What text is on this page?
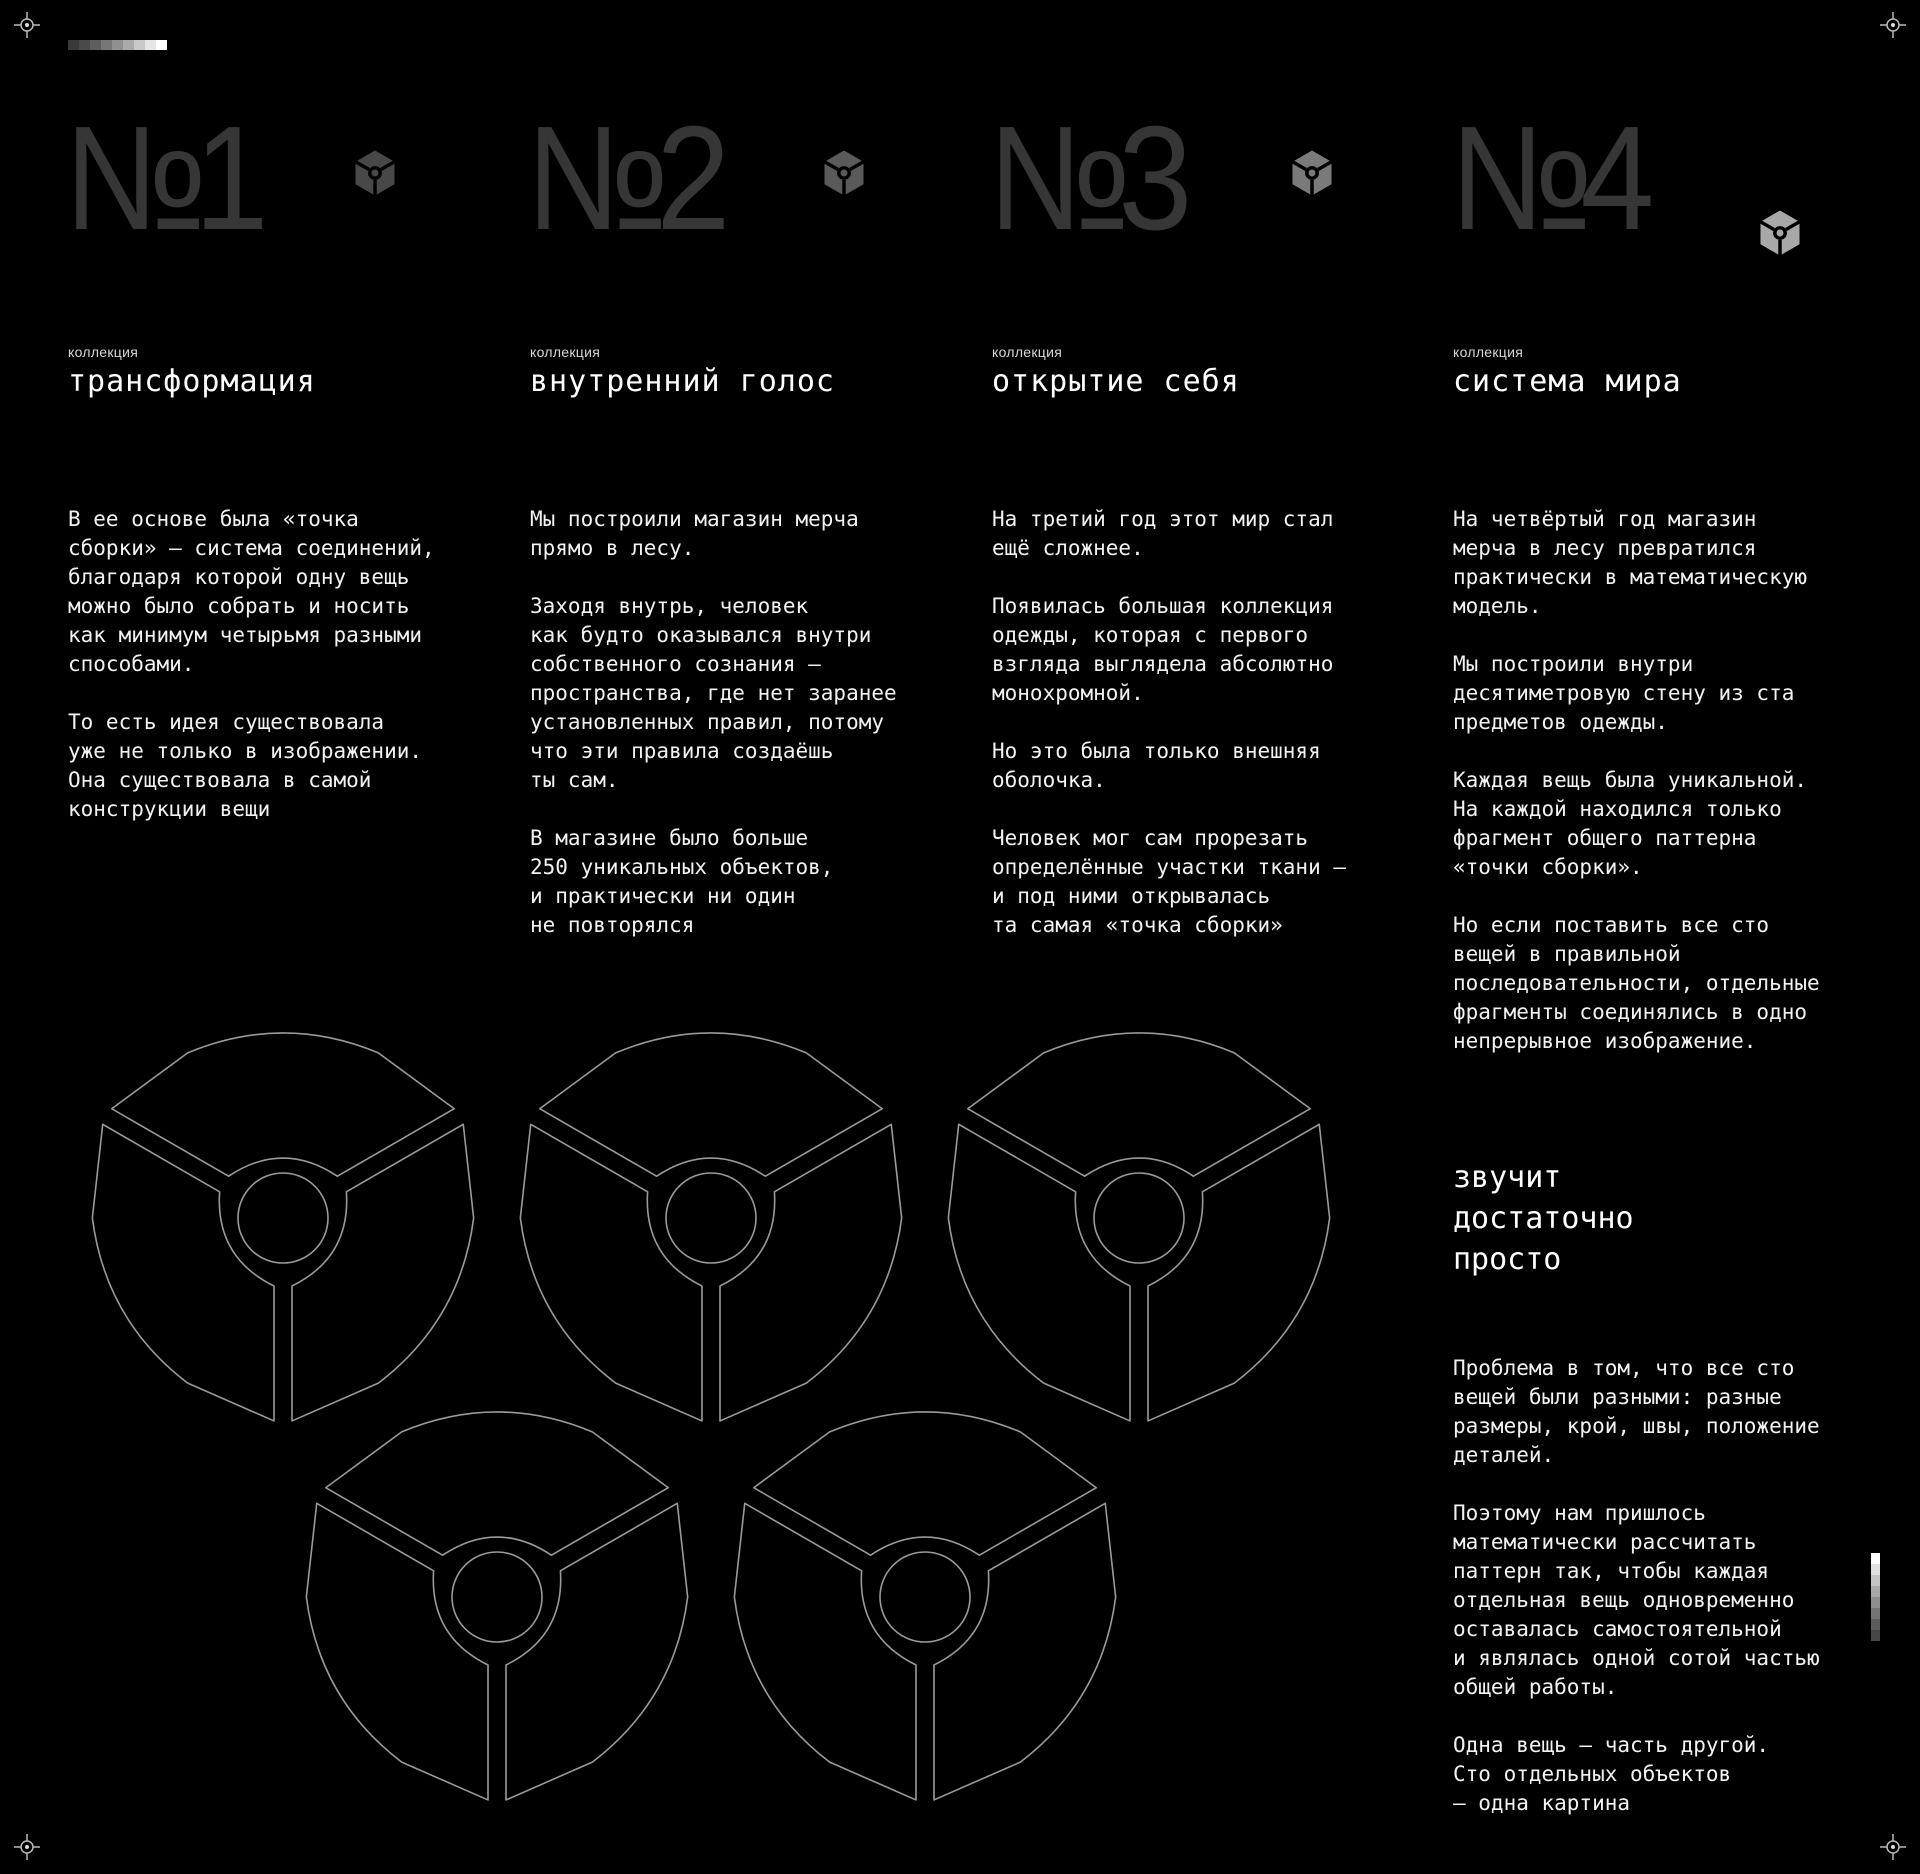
№1 №2 №3 №4
коллекция	коллекция	коллекция	коллекция
трансформация	внутренний голос	открытие себя	система мира
В ее основе была «точка
сборки» — система соединений,
благодаря которой одну вещь
можно было собрать и носить
как минимум четырьмя разными
способами.

То есть идея существовала
уже не только в изображении.
Она существовала в самой
конструкции вещи
Мы построили магазин мерча
прямо в лесу.

Заходя внутрь, человек
как будто оказывался внутри
собственного сознания —
пространства, где нет заранее
установленных правил, потому
что эти правила создаёшь
ты сам.

В магазине было больше
250 уникальных объектов,
и практически ни один
не повторялся
На третий год этот мир стал
ещё сложнее.

Появилась большая коллекция
одежды, которая с первого
взгляда выглядела абсолютно
монохромной.

Но это была только внешняя
оболочка.

Человек мог сам прорезать
определённые участки ткани —
и под ними открывалась
та самая «точка сборки»
На четвёртый год магазин
мерча в лесу превратился
практически в математическую
модель.

Мы построили внутри
десятиметровую стену из ста
предметов одежды.

Каждая вещь была уникальной.
На каждой находился только
фрагмент общего паттерна
«точки сборки».

Но если поставить все сто
вещей в правильной
последовательности, отдельные
фрагменты соединялись в одно
непрерывное изображение.
звучит
достаточно
просто
Проблема в том, что все сто
вещей были разными: разные
размеры, крой, швы, положение
деталей.

Поэтому нам пришлось
математически рассчитать
паттерн так, чтобы каждая
отдельная вещь одновременно
оставалась самостоятельной
и являлась одной сотой частью
общей работы.

Одна вещь — часть другой.
Сто отдельных объектов
— одна картина
